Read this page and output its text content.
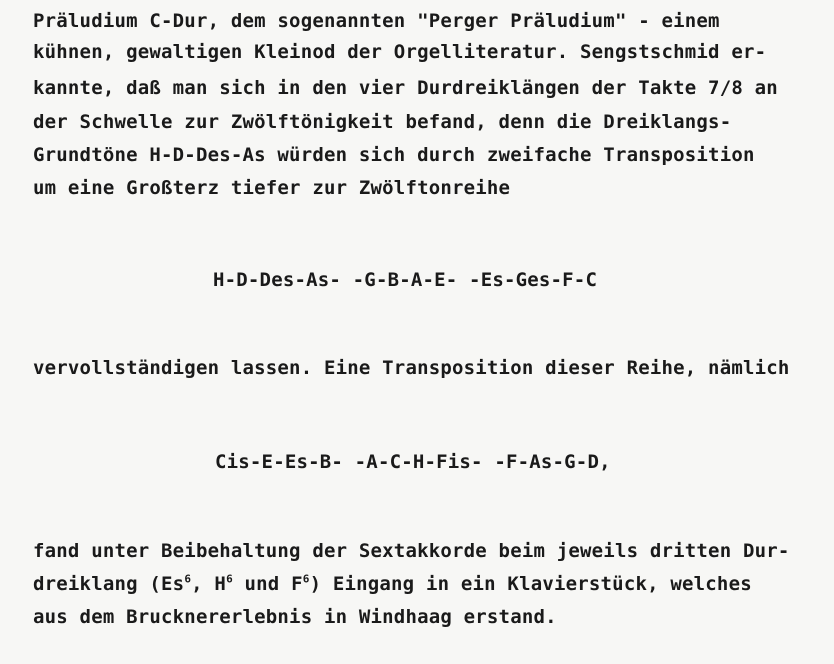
Präludium C-Dur, dem sogenannten "Perger Präludium" - einem
kühnen, gewaltigen Kleinod der Orgelliteratur. Sengstschmid er-
kannte, daß man sich in den vier Durdreiklängen der Takte 7/8 an
der Schwelle zur Zwölftönigkeit befand, denn die Dreiklangs-
Grundtöne H-D-Des-As würden sich durch zweifache Transposition
um eine Großterz tiefer zur Zwölftonreihe
H-D-Des-As- -G-B-A-E- -Es-Ges-F-C
vervollständigen lassen. Eine Transposition dieser Reihe, nämlich
Cis-E-Es-B- -A-C-H-Fis- -F-As-G-D,
fand unter Beibehaltung der Sextakkorde beim jeweils dritten Dur-
dreiklang (Es$^6$, $H^6$ und $F^6$) Eingang in ein Klavierstück, welches
aus dem Brucknererlebnis in Windhaag erstand.
